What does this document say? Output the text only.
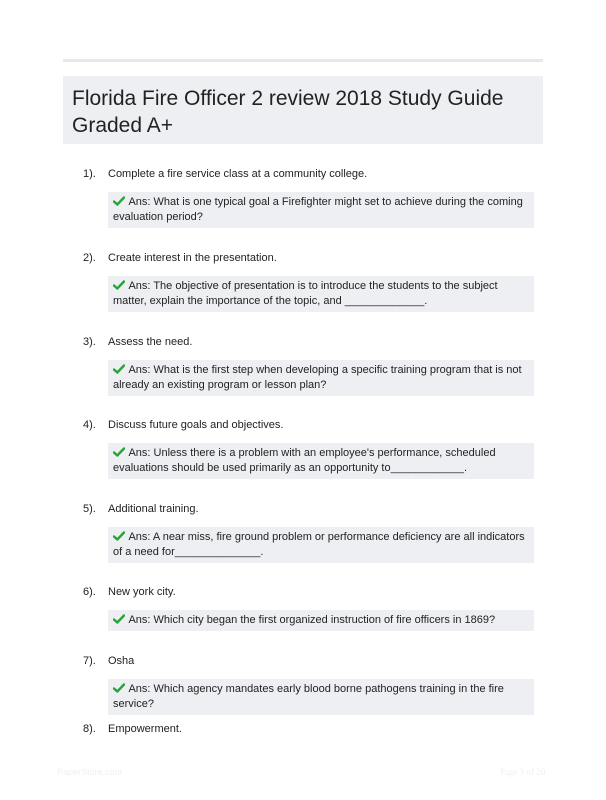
Florida Fire Officer 2 review 2018 Study Guide Graded A+
1). Complete a fire service class at a community college.
Ans: What is one typical goal a Firefighter might set to achieve during the coming evaluation period?
2). Create interest in the presentation.
Ans: The objective of presentation is to introduce the students to the subject matter, explain the importance of the topic, and _____________.
3). Assess the need.
Ans: What is the first step when developing a specific training program that is not already an existing program or lesson plan?
4). Discuss future goals and objectives.
Ans: Unless there is a problem with an employee's performance, scheduled evaluations should be used primarily as an opportunity to____________.
5). Additional training.
Ans: A near miss, fire ground problem or performance deficiency are all indicators of a need for______________.
6). New york city.
Ans: Which city began the first organized instruction of fire officers in 1869?
7). Osha
Ans: Which agency mandates early blood borne pathogens training in the fire service?
8). Empowerment.
PaperStore.com	Page 1 of 20
